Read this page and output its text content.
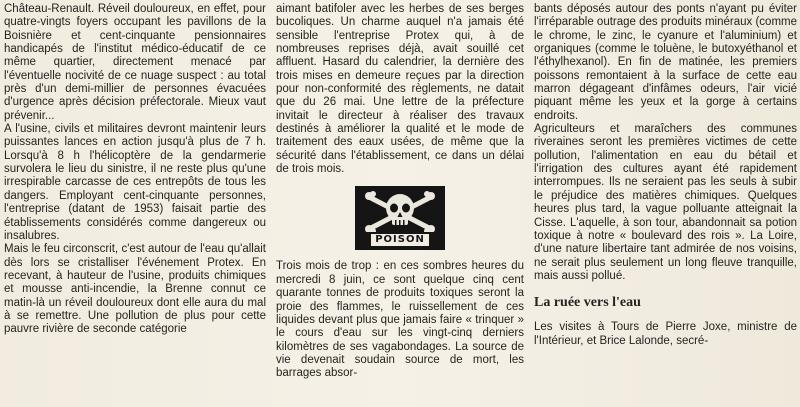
Château-Renault. Réveil douloureux, en effet, pour quatre-vingts foyers occupant les pavillons de la Boisnière et cent-cinquante pensionnaires handicapés de l'institut médico-éducatif de ce même quartier, directement menacé par l'éventuelle nocivité de ce nuage suspect : au total près d'un demi-millier de personnes évacuées d'urgence après décision préfectorale. Mieux vaut prévenir...

A l'usine, civils et militaires devront maintenir leurs puissantes lances en action jusqu'à plus de 7 h. Lorsqu'à 8 h l'hélicoptère de la gendarmerie survolera le lieu du sinistre, il ne reste plus qu'une irrespirable carcasse de ces entrepôts de tous les dangers. Employant cent-cinquante personnes, l'entreprise (datant de 1953) faisait partie des établissements considérés comme dangereux ou insalubres.

Mais le feu circonscrit, c'est autour de l'eau qu'allait dès lors se cristalliser l'événement Protex. En recevant, à hauteur de l'usine, produits chimiques et mousse anti-incendie, la Brenne connut ce matin-là un réveil douloureux dont elle aura du mal à se remettre. Une pollution de plus pour cette pauvre rivière de seconde catégorie

aimant batifoler avec les herbes de ses berges bucoliques. Un charme auquel n'a jamais été sensible l'entreprise Protex qui, à de nombreuses reprises déjà, avait souillé cet affluent. Hasard du calendrier, la dernière des trois mises en demeure reçues par la direction pour non-conformité des règlements, ne datait que du 26 mai. Une lettre de la préfecture invitait le directeur à réaliser des travaux destinés à améliorer la qualité et le mode de traitement des eaux usées, de même que la sécurité dans l'établissement, ce dans un délai de trois mois.

POISON

Trois mois de trop : en ces sombres heures du mercredi 8 juin, ce sont quelque cinq cent quarante tonnes de produits toxiques seront la proie des flammes, le ruissellement de ces liquides devant plus que jamais faire « trinquer » le cours d'eau sur les vingt-cinq derniers kilomètres de ses vagabondages. La source de vie devenait soudain source de mort, les barrages absor-

bants déposés autour des ponts n'ayant pu éviter l'irréparable outrage des produits minéraux (comme le chrome, le zinc, le cyanure et l'aluminium) et organiques (comme le toluène, le butoxyéthanol et l'éthylhexanol). En fin de matinée, les premiers poissons remontaient à la surface de cette eau marron dégageant d'infâmes odeurs, l'air vicié piquant même les yeux et la gorge à certains endroits.

Agriculteurs et maraîchers des communes riveraines seront les premières victimes de cette pollution, l'alimentation en eau du bétail et l'irrigation des cultures ayant été rapidement interrompues. Ils ne seraient pas les seuls à subir le préjudice des matières chimiques. Quelques heures plus tard, la vague polluante atteignait la Cisse. L'aquelle, à son tour, abandonnait sa potion toxique à notre « boulevard des rois ». La Loire, d'une nature libertaire tant admirée de nos voisins, ne serait plus seulement un long fleuve tranquille, mais aussi pollué.

La ruée vers l'eau

Les visites à Tours de Pierre Joxe, ministre de l'Intérieur, et Brice Lalonde, secré-
